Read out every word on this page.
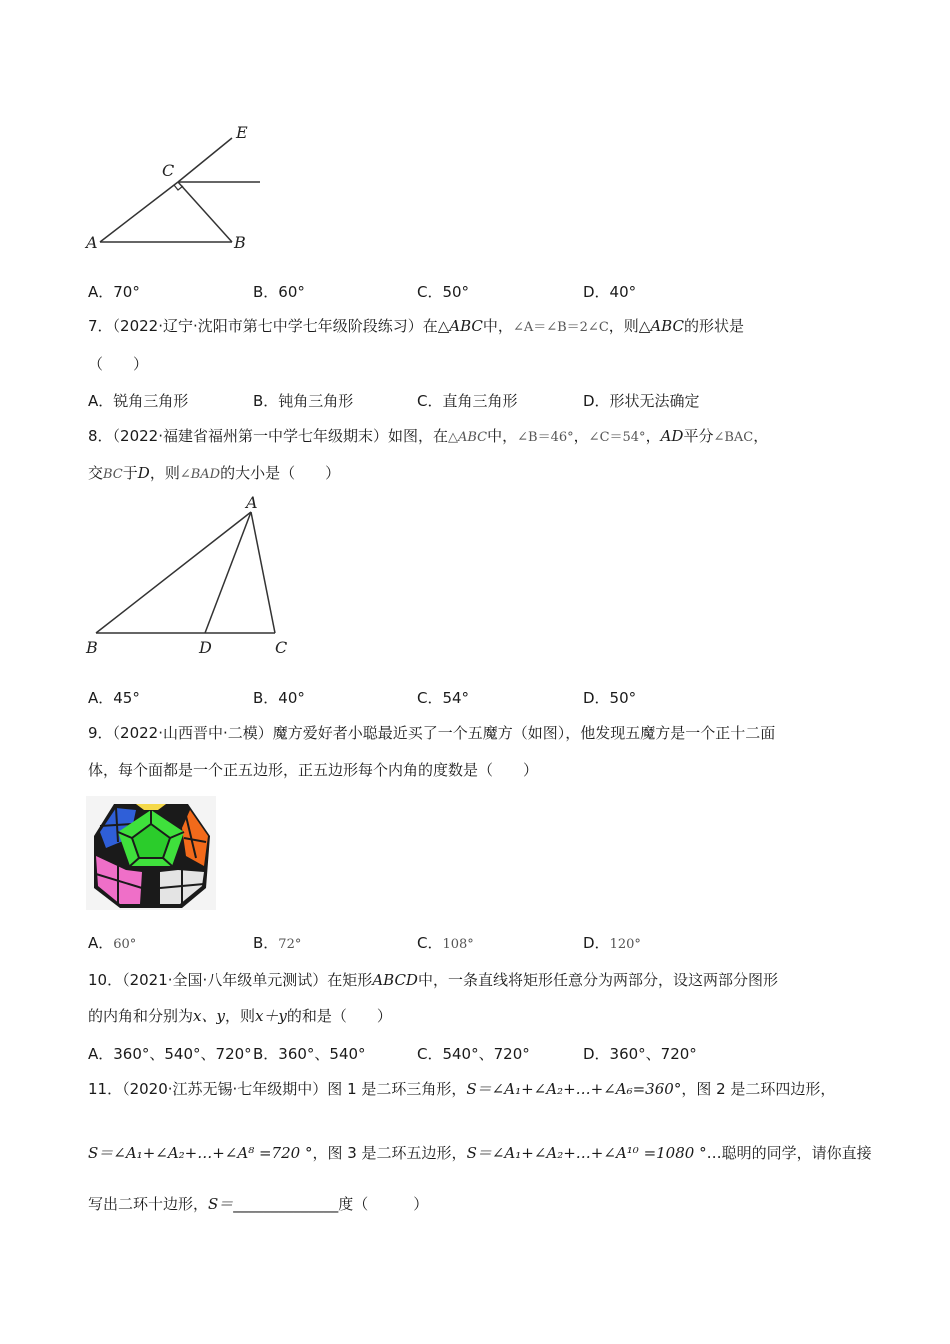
E
C
A	B
A．70°	B．60°	C．50°	D．40°
7．（2022·辽宁·沈阳市第七中学七年级阶段练习）在△ABC中，∠A＝∠B＝2∠C，则△ABC的形状是
（　　）
A．锐角三角形	B．钝角三角形	C．直角三角形	D．形状无法确定
8．（2022·福建省福州第一中学七年级期末）如图，在△ABC中，∠B＝46°，∠C＝54°，AD平分∠BAC，
交BC于D，则∠BAD的大小是（　　）
A
B	D	C
A．45°	B．40°	C．54°	D．50°
9．（2022·山西晋中·二模）魔方爱好者小聪最近买了一个五魔方（如图），他发现五魔方是一个正十二面
体，每个面都是一个正五边形，正五边形每个内角的度数是（　　）
A．60°	B．72°	C．108°	D．120°
10．（2021·全国·八年级单元测试）在矩形ABCD中，一条直线将矩形任意分为两部分，设这两部分图形
的内角和分别为x、y，则x＋y的和是（　　）
A．360°、540°、720° B．360°、540°	C．540°、720°	D．360°、720°
11．（2020·江苏无锡·七年级期中）图 1 是二环三角形，S＝∠A₁+∠A₂+…+∠A₆=360°，图 2 是二环四边形，
S＝∠A₁+∠A₂+…+∠A⁸ =720 °，图 3 是二环五边形，S＝∠A₁+∠A₂+…+∠A¹⁰ =1080 °…聪明的同学，请你直接
写出二环十边形，S＝______________度（　　　）
